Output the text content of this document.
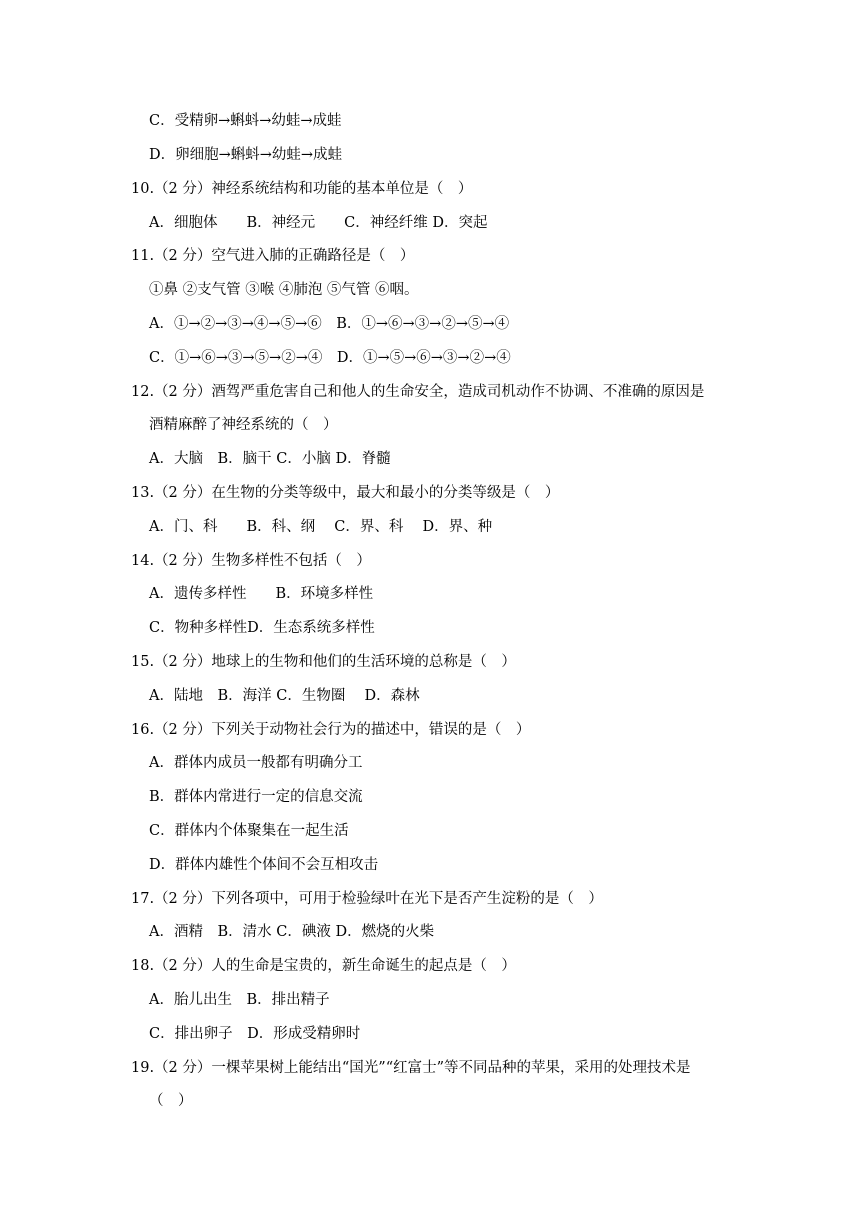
C．受精卵→蝌蚪→幼蛙→成蛙
D．卵细胞→蝌蚪→幼蛙→成蛙
10.（2 分）神经系统结构和功能的基本单位是（　）
A．细胞体　　B．神经元　　C．神经纤维 D．突起
11.（2 分）空气进入肺的正确路径是（　）
①鼻 ②支气管 ③喉 ④肺泡 ⑤气管 ⑥咽。
A．①→②→③→④→⑤→⑥　B．①→⑥→③→②→⑤→④
C．①→⑥→③→⑤→②→④　D．①→⑤→⑥→③→②→④
12.（2 分）酒驾严重危害自己和他人的生命安全，造成司机动作不协调、不准确的原因是
酒精麻醉了神经系统的（　）
A．大脑　B．脑干 C．小脑 D．脊髓
13.（2 分）在生物的分类等级中，最大和最小的分类等级是（　）
A．门、科　　B．科、纲　 C．界、科　 D．界、种
14.（2 分）生物多样性不包括（　）
A．遗传多样性　　B．环境多样性
C．物种多样性D．生态系统多样性
15.（2 分）地球上的生物和他们的生活环境的总称是（　）
A．陆地　B．海洋 C．生物圈　 D．森林
16.（2 分）下列关于动物社会行为的描述中，错误的是（　）
A．群体内成员一般都有明确分工
B．群体内常进行一定的信息交流
C．群体内个体聚集在一起生活
D．群体内雄性个体间不会互相攻击
17.（2 分）下列各项中，可用于检验绿叶在光下是否产生淀粉的是（　）
A．酒精　B．清水 C．碘液 D．燃烧的火柴
18.（2 分）人的生命是宝贵的，新生命诞生的起点是（　）
A．胎儿出生　B．排出精子
C．排出卵子　D．形成受精卵时
19.（2 分）一棵苹果树上能结出“国光”“红富士”等不同品种的苹果，采用的处理技术是
（　）
